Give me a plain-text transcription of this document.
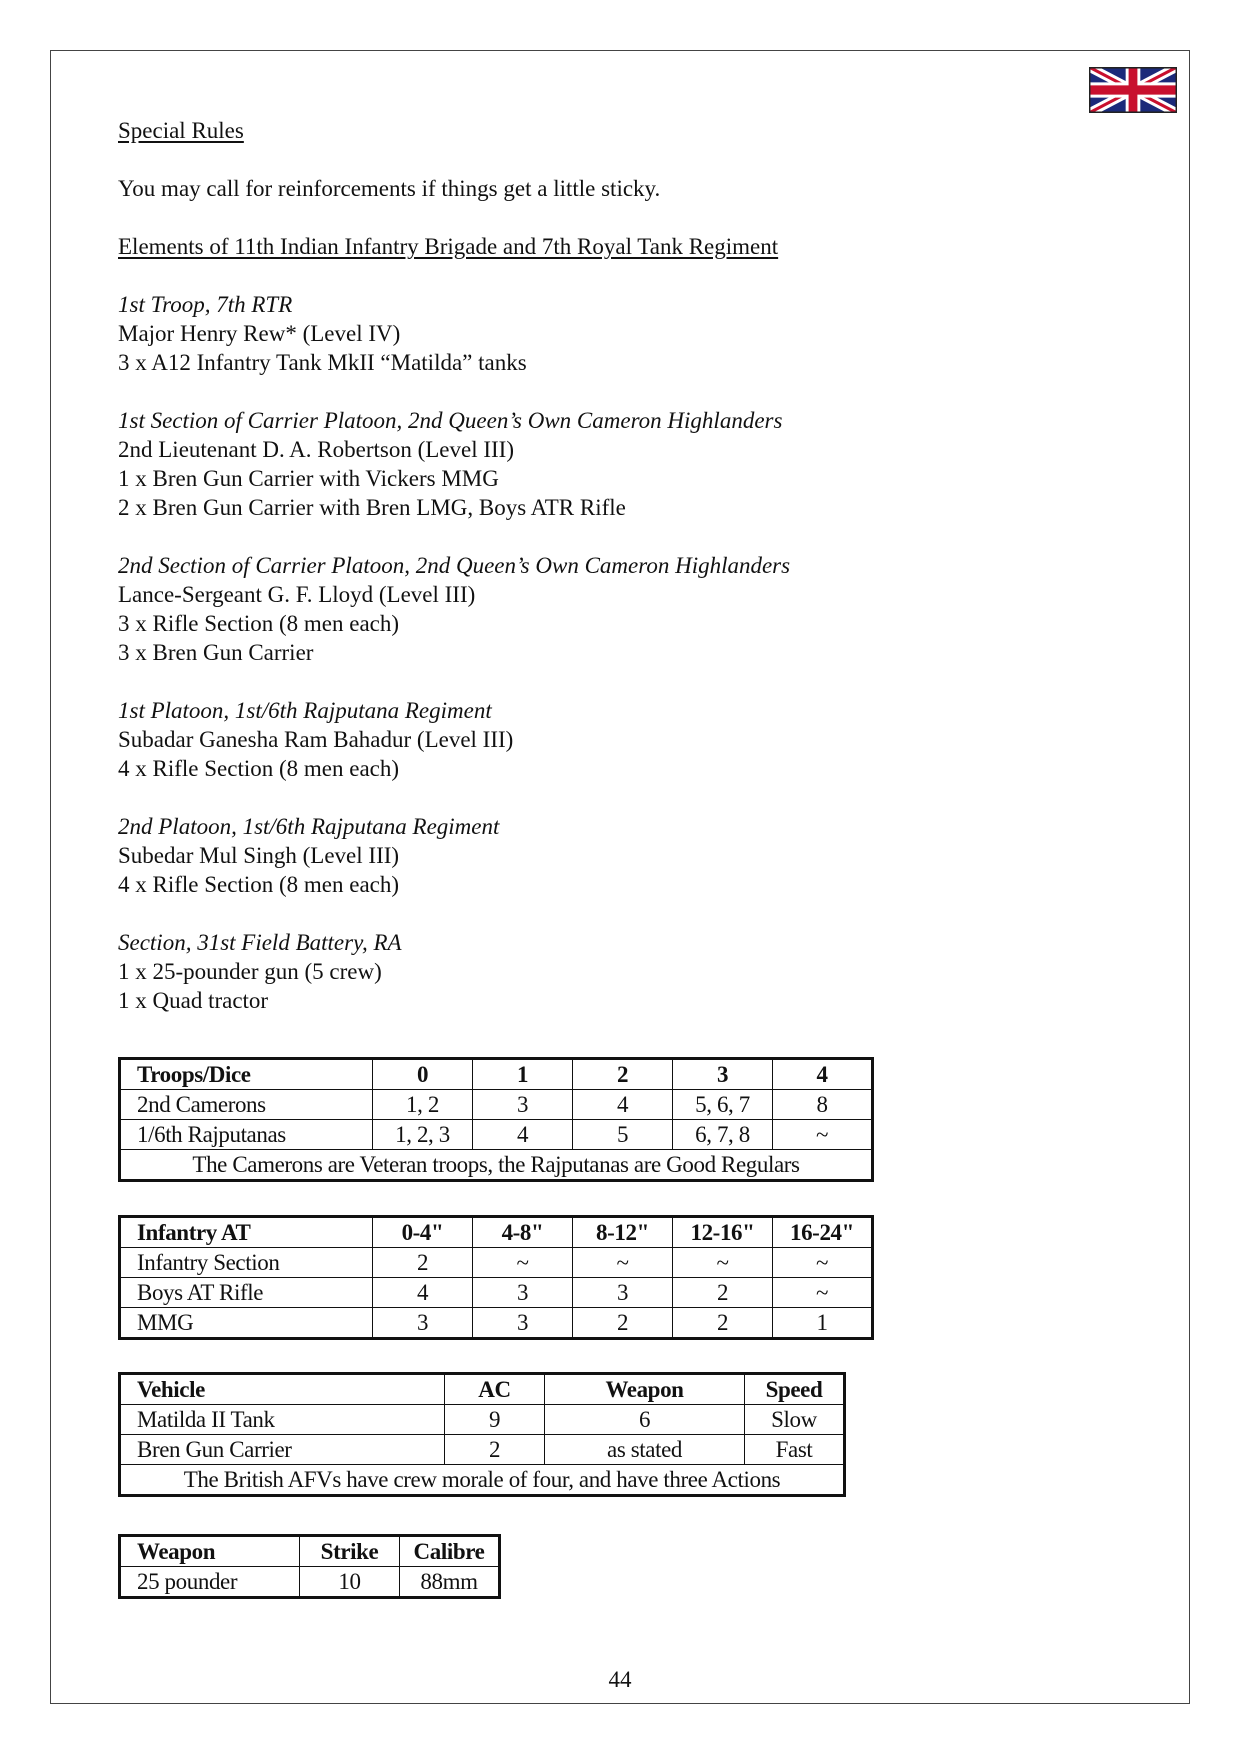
Special Rules

You may call for reinforcements if things get a little sticky.

Elements of 11th Indian Infantry Brigade and 7th Royal Tank Regiment

1st Troop, 7th RTR

Major Henry Rew* (Level IV)

3 x A12 Infantry Tank MkII “Matilda” tanks

1st Section of Carrier Platoon, 2nd Queen’s Own Cameron Highlanders

2nd Lieutenant D. A. Robertson (Level III)

1 x Bren Gun Carrier with Vickers MMG

2 x Bren Gun Carrier with Bren LMG, Boys ATR Rifle

2nd Section of Carrier Platoon, 2nd Queen’s Own Cameron Highlanders

Lance-Sergeant G. F. Lloyd (Level III)

3 x Rifle Section (8 men each)

3 x Bren Gun Carrier

1st Platoon, 1st/6th Rajputana Regiment

Subadar Ganesha Ram Bahadur (Level III)

4 x Rifle Section (8 men each)

2nd Platoon, 1st/6th Rajputana Regiment

Subedar Mul Singh (Level III)

4 x Rifle Section (8 men each)

Section, 31st Field Battery, RA

1 x 25-pounder gun (5 crew)

1 x Quad tractor

Troops/Dice	0	1	2	3	4
2nd Camerons	1, 2	3	4	5, 6, 7	8
1/6th Rajputanas	1, 2, 3	4	5	6, 7, 8	~
The Camerons are Veteran troops, the Rajputanas are Good Regulars					
Infantry AT	0-4"	4-8"	8-12"	12-16"	16-24"
Infantry Section	2	~	~	~	~
Boys AT Rifle	4	3	3	2	~
MMG	3	3	2	2	1
Vehicle	AC	Weapon	Speed
Matilda II Tank	9	6	Slow
Bren Gun Carrier	2	as stated	Fast
The British AFVs have crew morale of four, and have three Actions			
Weapon	Strike	Calibre
25 pounder	10	88mm
44
